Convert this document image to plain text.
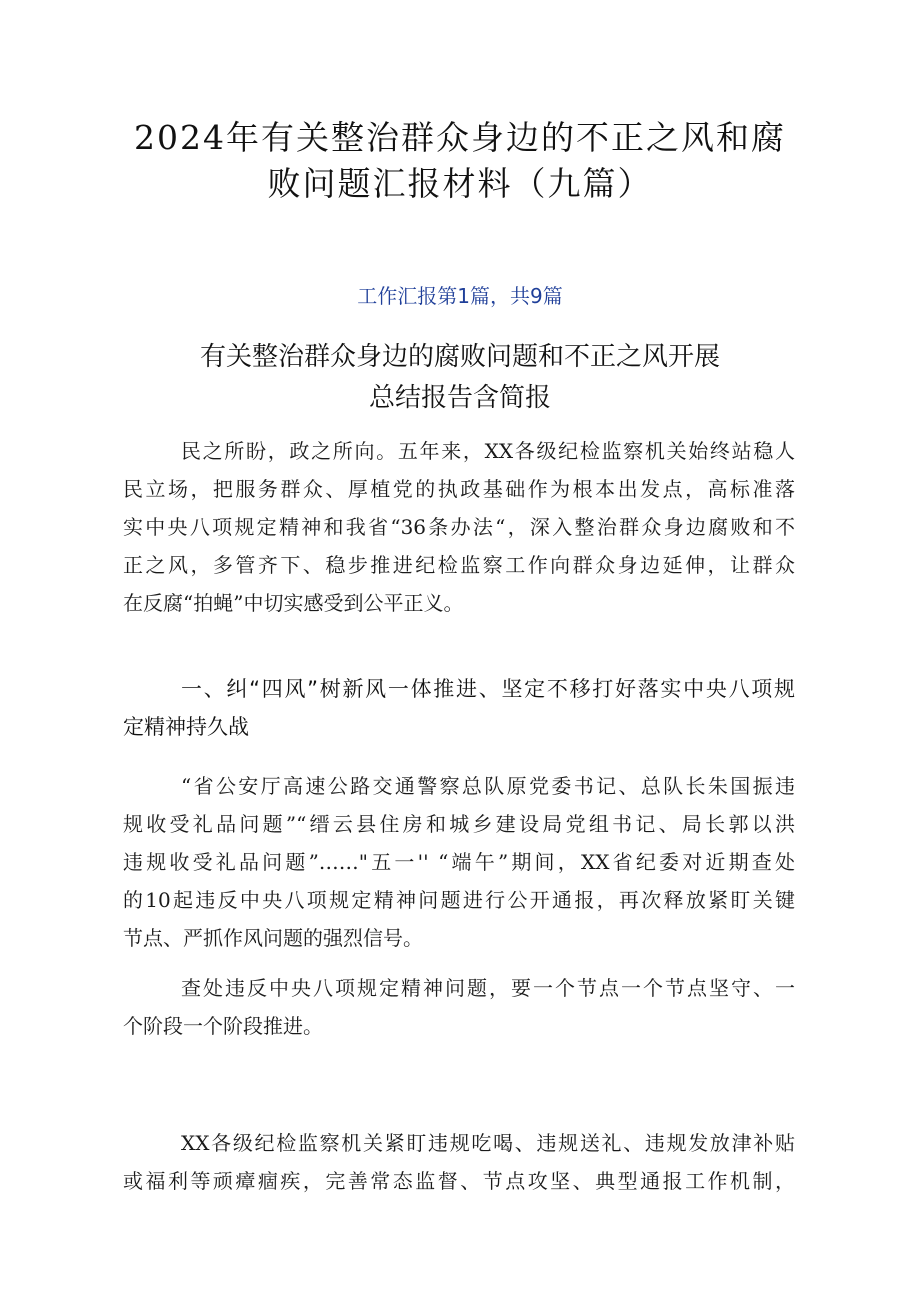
2024年有关整治群众身边的不正之风和腐
败问题汇报材料（九篇）
工作汇报第1篇，共9篇
有关整治群众身边的腐败问题和不正之风开展
总结报告含简报
民之所盼，政之所向。五年来，XX各级纪检监察机关始终站稳人
民立场，把服务群众、厚植党的执政基础作为根本出发点，高标准落
实中央八项规定精神和我省“36条办法“，深入整治群众身边腐败和不
正之风，多管齐下、稳步推进纪检监察工作向群众身边延伸，让群众
在反腐“拍蝇”中切实感受到公平正义。
一、纠“四风”树新风一体推进、坚定不移打好落实中央八项规
定精神持久战
“省公安厅高速公路交通警察总队原党委书记、总队长朱国振违
规收受礼品问题”“缙云县住房和城乡建设局党组书记、局长郭以洪
违规收受礼品问题”……"五一'' “端午”期间，XX省纪委对近期查处
的10起违反中央八项规定精神问题进行公开通报，再次释放紧盯关键
节点、严抓作风问题的强烈信号。
查处违反中央八项规定精神问题，要一个节点一个节点坚守、一
个阶段一个阶段推进。
XX各级纪检监察机关紧盯违规吃喝、违规送礼、违规发放津补贴
或福利等顽瘴痼疾，完善常态监督、节点攻坚、典型通报工作机制，
